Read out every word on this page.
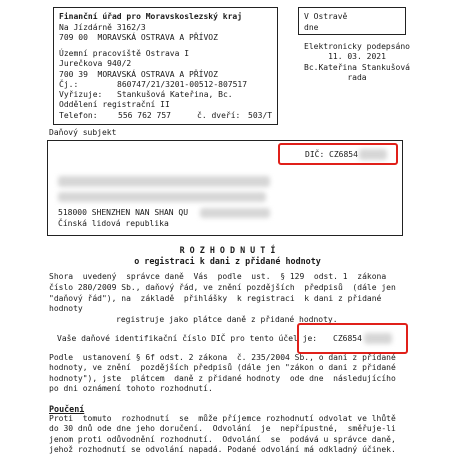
Finanční úřad pro Moravskoslezský kraj
Na Jízdárně 3162/3
709 00  MORAVSKÁ OSTRAVA A PŘÍVOZ
Územní pracoviště Ostrava I
Jurečkova 940/2
700 39  MORAVSKÁ OSTRAVA A PŘÍVOZ
Čj.:	860747/21/3201-00512-807517
Vyřizuje: Stankušová Kateřina, Bc.
Oddělení registrační II
Telefon:	556 762 757	č. dveří: 503/T
V Ostravě
dne
Elektronicky podepsáno
11. 03. 2021
Bc.Kateřina Stankušová
rada
Daňový subjekt
DIČ: CZ6854
518000 SHENZHEN NAN SHAN QU
Čínská lidová republika
R O Z H O D N U T Í
o registraci k dani z přidané hodnoty
Shora  uvedený  správce daně  Vás  podle  ust.  § 129  odst. 1  zákona
číslo 280/2009 Sb., daňový řád, ve znění pozdějších  předpisů  (dále jen
"daňový řád"), na  základě  přihlášky  k registraci  k dani z přidané
hodnoty
registruje jako plátce daně z přidané hodnoty.
Vaše daňové identifikační číslo DIČ pro tento účel je: CZ6854
Podle  ustanovení § 6f odst. 2 zákona  č. 235/2004 Sb., o dani z přidané
hodnoty, ve znění  pozdějších předpisů (dále jen "zákon o dani z přidané
hodnoty"), jste  plátcem  daně z přidané hodnoty  ode dne  následujícího
po dni oznámení tohoto rozhodnutí.
Poučení
Proti  tomuto  rozhodnutí  se  může příjemce rozhodnutí odvolat ve lhůtě
do 30 dnů ode dne jeho doručení.  Odvolání  je  nepřípustné,  směřuje-li
jenom proti odůvodnění rozhodnutí.  Odvolání  se  podává u správce daně,
jehož rozhodnutí se odvolání napadá. Podané odvolání má odkladný účinek.
